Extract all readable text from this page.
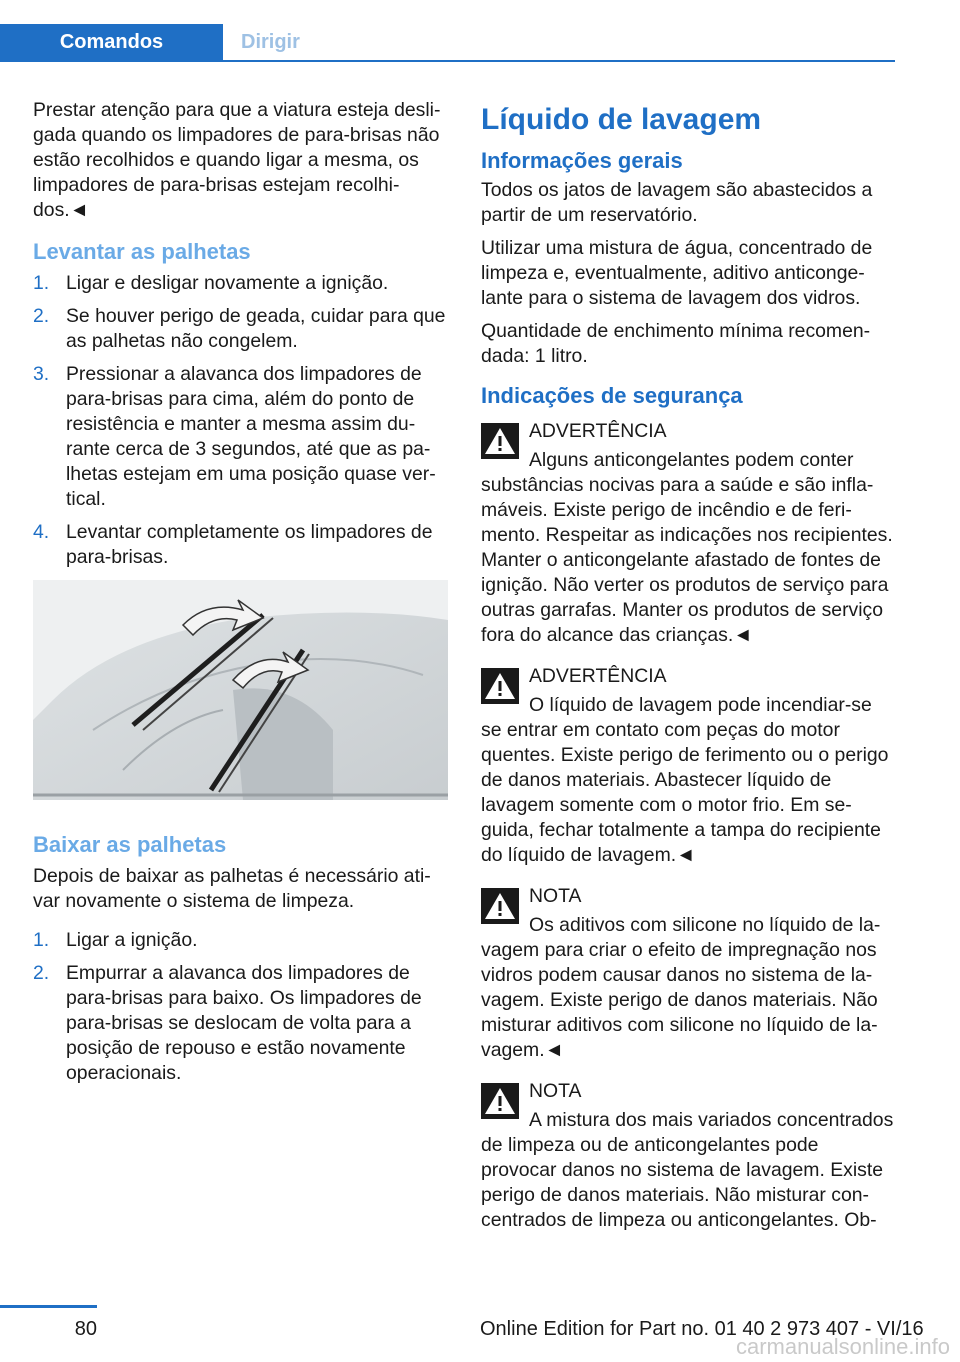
Comandos	Dirigir

Prestar atenção para que a viatura esteja desligada quando os limpadores de para-brisas não estão recolhidos e quando ligar a mesma, os limpadores de para-brisas estejam recolhidos.◄

Levantar as palhetas
1. Ligar e desligar novamente a ignição.
2. Se houver perigo de geada, cuidar para que as palhetas não congelem.
3. Pressionar a alavanca dos limpadores de para-brisas para cima, além do ponto de resistência e manter a mesma assim durante cerca de 3 segundos, até que as palhetas estejam em uma posição quase vertical.
4. Levantar completamente os limpadores de para-brisas.
Baixar as palhetas

Depois de baixar as palhetas é necessário ativar novamente o sistema de limpeza.

1. Ligar a ignição.
2. Empurrar a alavanca dos limpadores de para-brisas para baixo. Os limpadores de para-brisas se deslocam de volta para a posição de repouso e estão novamente operacionais.
Líquido de lavagem
Informações gerais

Todos os jatos de lavagem são abastecidos a partir de um reservatório.

Utilizar uma mistura de água, concentrado de limpeza e, eventualmente, aditivo anticongelante para o sistema de lavagem dos vidros.

Quantidade de enchimento mínima recomendada: 1 litro.

Indicações de segurança
ADVERTÊNCIA

Alguns anticongelantes podem conter substâncias nocivas para a saúde e são inflamáveis. Existe perigo de incêndio e de ferimento. Respeitar as indicações nos recipientes. Manter o anticongelante afastado de fontes de ignição. Não verter os produtos de serviço para outras garrafas. Manter os produtos de serviço fora do alcance das crianças.◄

ADVERTÊNCIA

O líquido de lavagem pode incendiar-se se entrar em contato com peças do motor quentes. Existe perigo de ferimento ou o perigo de danos materiais. Abastecer líquido de lavagem somente com o motor frio. Em seguida, fechar totalmente a tampa do recipiente do líquido de lavagem.◄

NOTA

Os aditivos com silicone no líquido de lavagem para criar o efeito de impregnação nos vidros podem causar danos no sistema de lavagem. Existe perigo de danos materiais. Não misturar aditivos com silicone no líquido de lavagem.◄

NOTA

A mistura dos mais variados concentrados de limpeza ou de anticongelantes pode provocar danos no sistema de lavagem. Existe perigo de danos materiais. Não misturar concentrados de limpeza ou anticongelantes. Ob-

80	Online Edition for Part no. 01 40 2 973 407 - VI/16
carmanualsonline.info
